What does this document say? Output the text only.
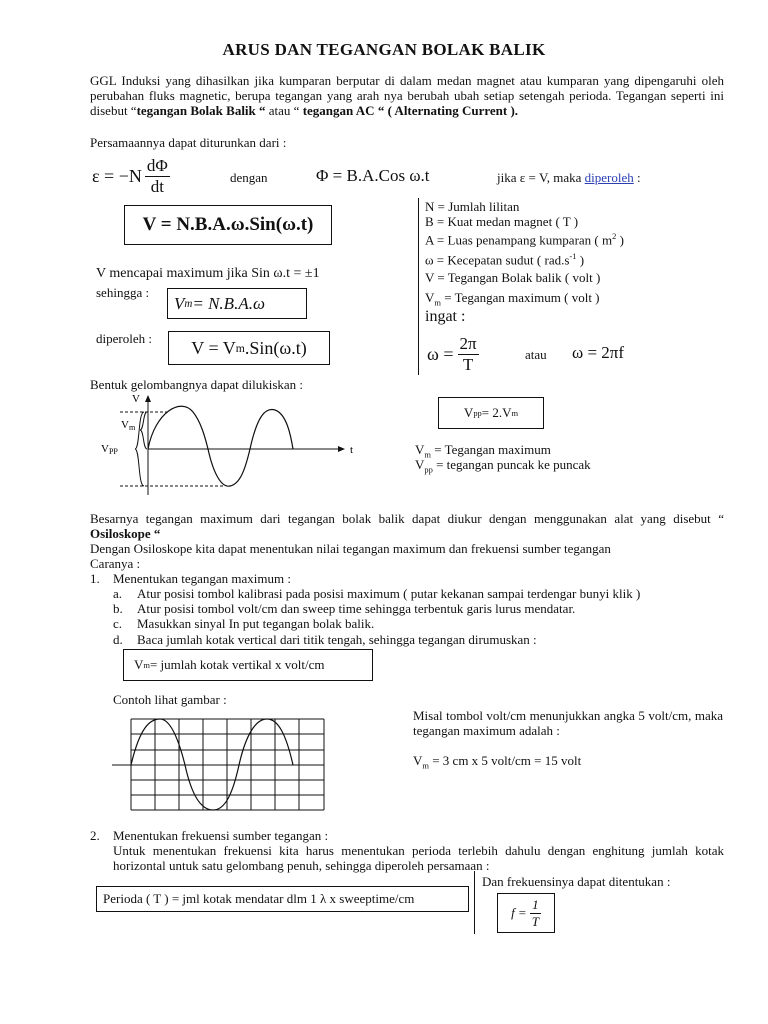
ARUS DAN TEGANGAN BOLAK BALIK
GGL Induksi yang dihasilkan jika kumparan berputar di dalam medan magnet atau kumparan yang dipengaruhi oleh perubahan fluks magnetic, berupa tegangan yang arah nya berubah ubah setiap setengah perioda. Tegangan seperti ini disebut “tegangan Bolak Balik “ atau “ tegangan AC “ ( Alternating Current ).
Persamaannya dapat diturunkan dari :
$\varepsilon = -N \frac{d\Phi}{dt}$	dengan	Φ = B.A.Cos ω.t	jika ε = V, maka diperoleh :
V = N.B.A.ω.Sin(ω.t)
N = Jumlah lilitan
B = Kuat medan magnet ( T )
A = Luas penampang kumparan ( $m^2$ )
ω = Kecepatan sudut ( $rad.s^{-1}$ )
V = Tegangan Bolak balik ( volt )
$V_m$ = Tegangan maximum ( volt )
ingat :
$\omega = \frac{2\pi}{T}$	atau ω = 2πf
V mencapai maximum jika Sin ω.t = ±1
sehingga :
V m = N.B.A.ω
diperoleh : V = V m .Sin(ω.t)
Bentuk gelombangnya dapat dilukiskan :
V
Vm
VPP	t
V pp = 2.V m
$V_m$ = Tegangan maximum
$V_{pp}$ = tegangan puncak ke puncak
Besarnya tegangan maximum dari tegangan bolak balik dapat diukur dengan menggunakan alat yang disebut “ Osiloskope “
Dengan Osiloskope kita dapat menentukan nilai tegangan maximum dan frekuensi sumber tegangan
Caranya :
1. Menentukan tegangan maximum :
a. Atur posisi tombol kalibrasi pada posisi maximum ( putar kekanan sampai terdengar bunyi klik )
b. Atur posisi tombol volt/cm dan sweep time sehingga terbentuk garis lurus mendatar.
c. Masukkan sinyal In put tegangan bolak balik.
d. Baca jumlah kotak vertical dari titik tengah, sehingga tegangan dirumuskan :
V m = jumlah kotak vertikal x volt/cm
Contoh lihat gambar :
Misal tombol volt/cm menunjukkan angka 5 volt/cm, maka tegangan maximum adalah :
$V_m = 3$ cm x 5 volt/cm = 15 volt
2. Menentukan frekuensi sumber tegangan :
Untuk menentukan frekuensi kita harus menentukan perioda terlebih dahulu dengan enghitung jumlah kotak horizontal untuk satu gelombang penuh, sehingga diperoleh persamaan :
Dan frekuensinya dapat ditentukan :
Perioda ( T ) = jml kotak mendatar dlm 1 λ x sweeptime/cm
$f = \frac{1}{T}$
